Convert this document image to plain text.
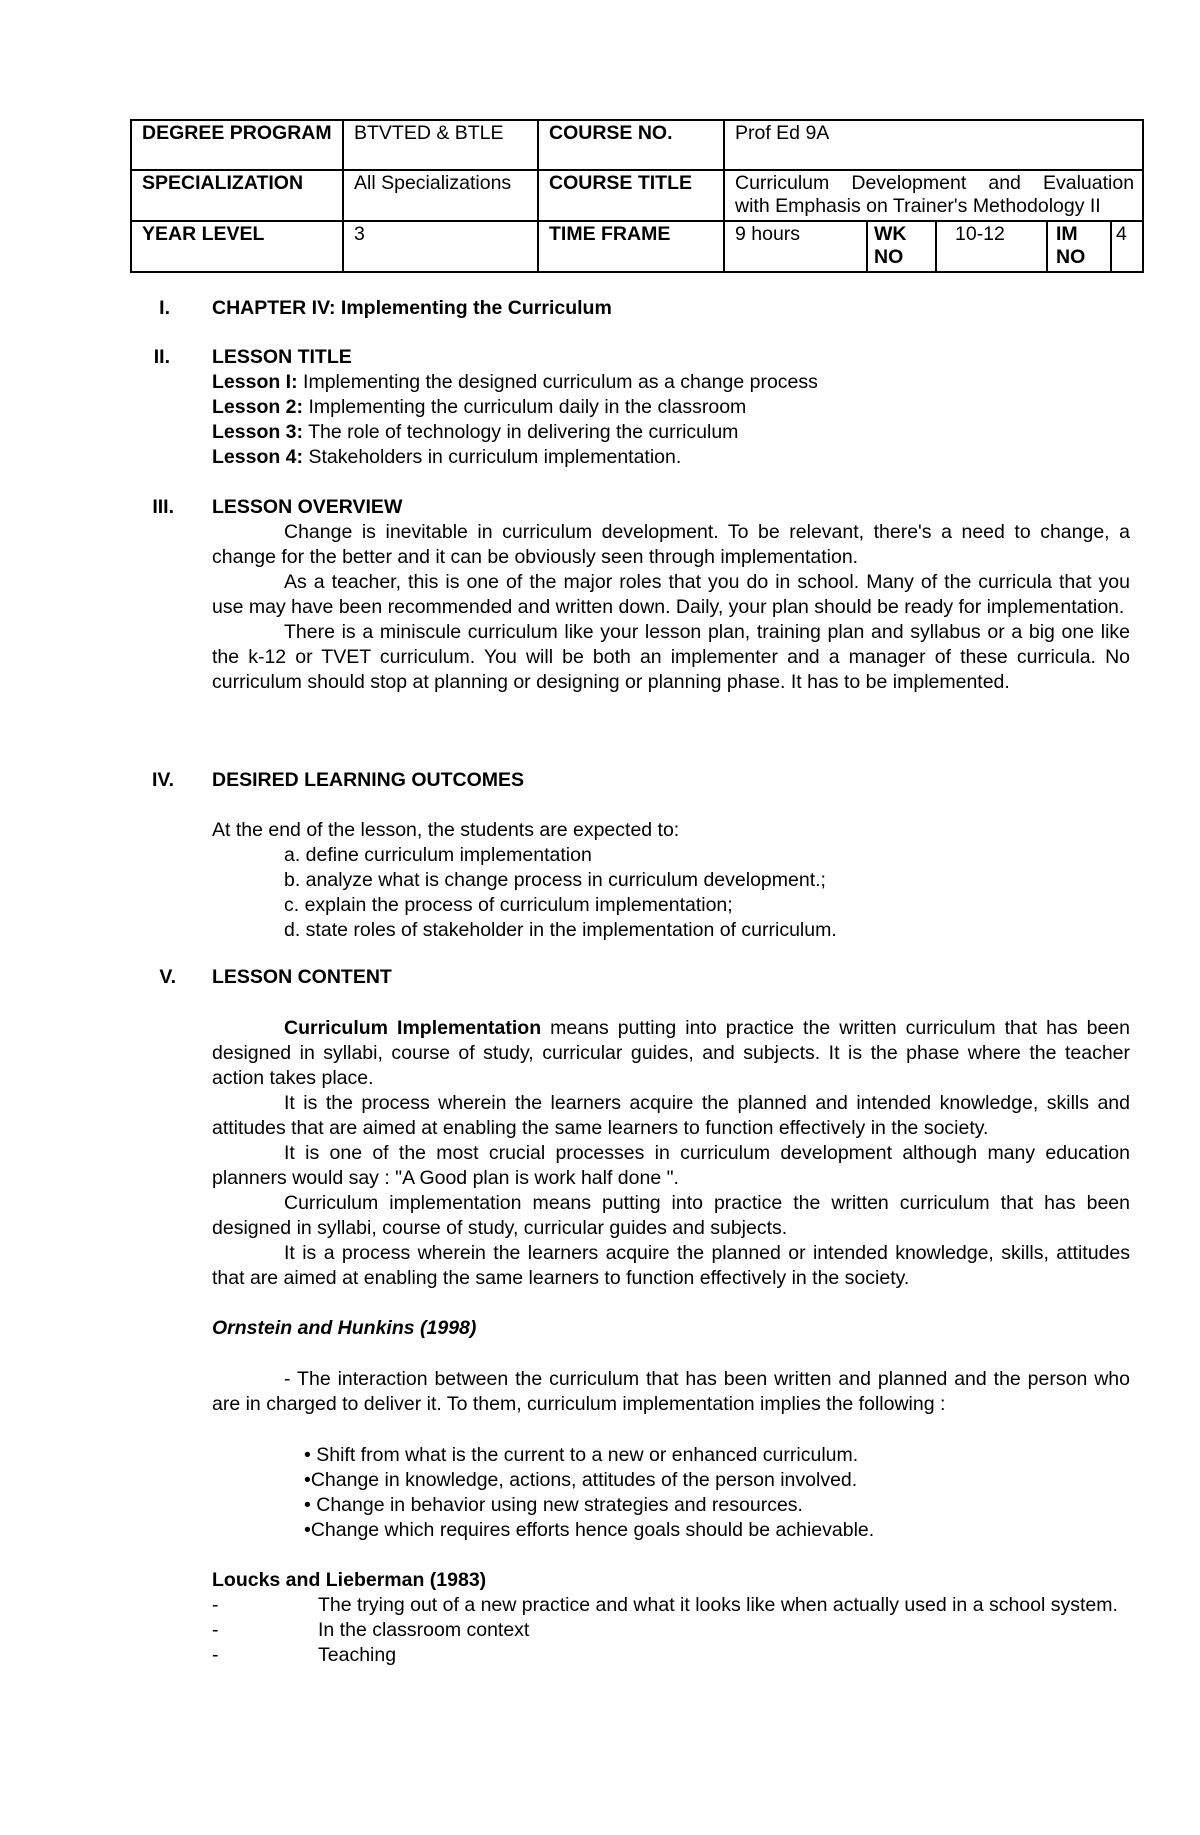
DEGREE PROGRAM	BTVTED & BTLE	COURSE NO.	Prof Ed 9A				
SPECIALIZATION	All Specializations	COURSE TITLE	Curriculum Development and Evaluation
with Emphasis on Trainer's Methodology II				

YEAR LEVEL	3	TIME FRAME	9 hours	WK NO	10-12	IM NO	4
I. CHAPTER IV: Implementing the Curriculum

II. LESSON TITLE

Lesson I: Implementing the designed curriculum as a change process

Lesson 2: Implementing the curriculum daily in the classroom

Lesson 3: The role of technology in delivering the curriculum

Lesson 4: Stakeholders in curriculum implementation.

III. LESSON OVERVIEW

Change is inevitable in curriculum development. To be relevant, there's a need to change, a change for the better and it can be obviously seen through implementation.

As a teacher, this is one of the major roles that you do in school. Many of the curricula that you use may have been recommended and written down. Daily, your plan should be ready for implementation.

There is a miniscule curriculum like your lesson plan, training plan and syllabus or a big one like the k-12 or TVET curriculum. You will be both an implementer and a manager of these curricula. No curriculum should stop at planning or designing or planning phase. It has to be implemented.

IV. DESIRED LEARNING OUTCOMES

At the end of the lesson, the students are expected to:

a. define curriculum implementation

b. analyze what is change process in curriculum development.;

c. explain the process of curriculum implementation;

d. state roles of stakeholder in the implementation of curriculum.

V. LESSON CONTENT

Curriculum Implementation means putting into practice the written curriculum that has been designed in syllabi, course of study, curricular guides, and subjects. It is the phase where the teacher action takes place.

It is the process wherein the learners acquire the planned and intended knowledge, skills and attitudes that are aimed at enabling the same learners to function effectively in the society.

It is one of the most crucial processes in curriculum development although many education planners would say : "A Good plan is work half done ".

Curriculum implementation means putting into practice the written curriculum that has been designed in syllabi, course of study, curricular guides and subjects.

It is a process wherein the learners acquire the planned or intended knowledge, skills, attitudes that are aimed at enabling the same learners to function effectively in the society.

Ornstein and Hunkins (1998)

- The interaction between the curriculum that has been written and planned and the person who are in charged to deliver it. To them, curriculum implementation implies the following :

• Shift from what is the current to a new or enhanced curriculum.

•Change in knowledge, actions, attitudes of the person involved.

• Change in behavior using new strategies and resources.

•Change which requires efforts hence goals should be achievable.

Loucks and Lieberman (1983)

-	The trying out of a new practice and what it looks like when actually used in a school system.
-	In the classroom context
-	Teaching
